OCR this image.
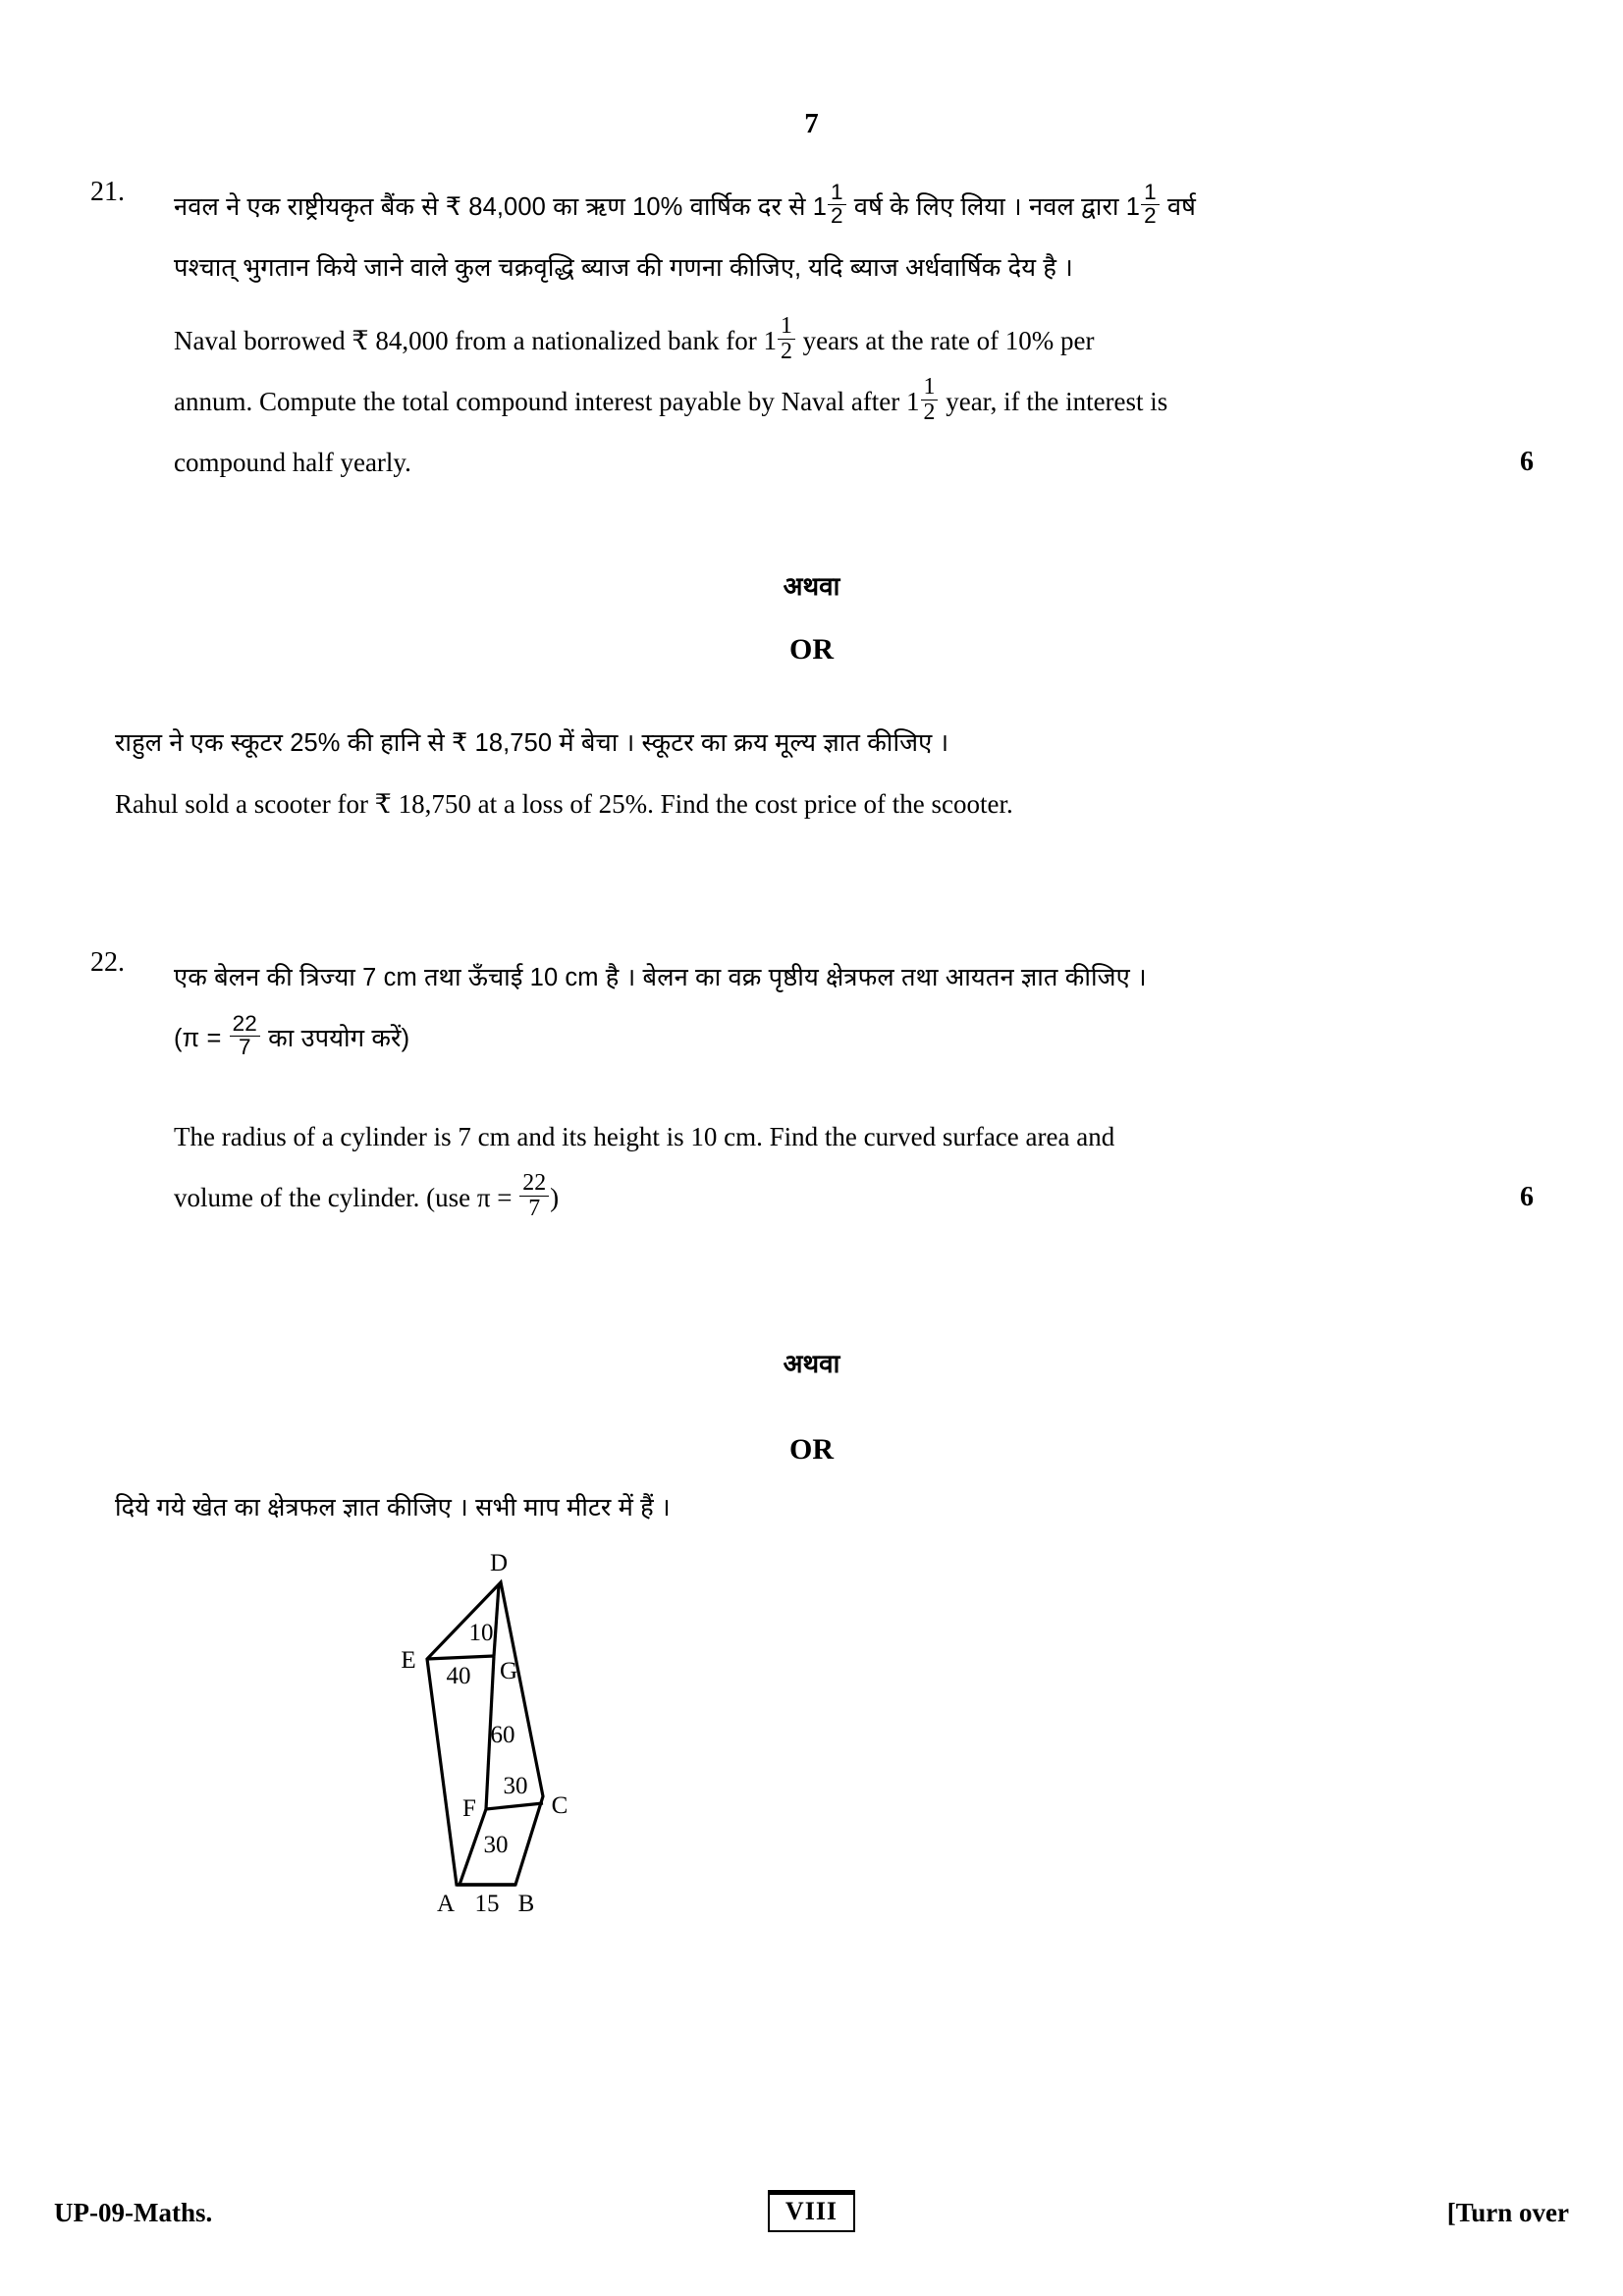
7
21.	नवल ने एक राष्ट्रीयकृत बैंक से ₹ 84,000 का ऋण 10% वार्षिक दर से $1 \frac{1}{2}$ वर्ष के लिए लिया । नवल द्वारा $1 \frac{1}{2}$ वर्ष
पश्चात् भुगतान किये जाने वाले कुल चक्रवृद्धि ब्याज की गणना कीजिए, यदि ब्याज अर्धवार्षिक देय है ।
Naval borrowed ₹ 84,000 from a nationalized bank for $1 \frac{1}{2}$ years at the rate of 10% per
annum. Compute the total compound interest payable by Naval after $1 \frac{1}{2}$ year, if the interest is
compound half yearly.	6
अथवा
OR
राहुल ने एक स्कूटर 25% की हानि से ₹ 18,750 में बेचा । स्कूटर का क्रय मूल्य ज्ञात कीजिए ।
Rahul sold a scooter for ₹ 18,750 at a loss of 25%. Find the cost price of the scooter.
22.	एक बेलन की त्रिज्या 7 cm तथा ऊँचाई 10 cm है । बेलन का वक्र पृष्ठीय क्षेत्रफल तथा आयतन ज्ञात कीजिए ।
($\pi = \frac{22}{7}$ का उपयोग करें)
The radius of a cylinder is 7 cm and its height is 10 cm. Find the curved surface area and
volume of the cylinder. (use $\pi = \frac{22}{7}$ )	6
अथवा
OR
दिये गये खेत का क्षेत्रफल ज्ञात कीजिए । सभी माप मीटर में हैं ।
D
E	G
F	C
A	B
10
40
60
30
30
15
UP-09-Maths.	VIII	[Turn over
